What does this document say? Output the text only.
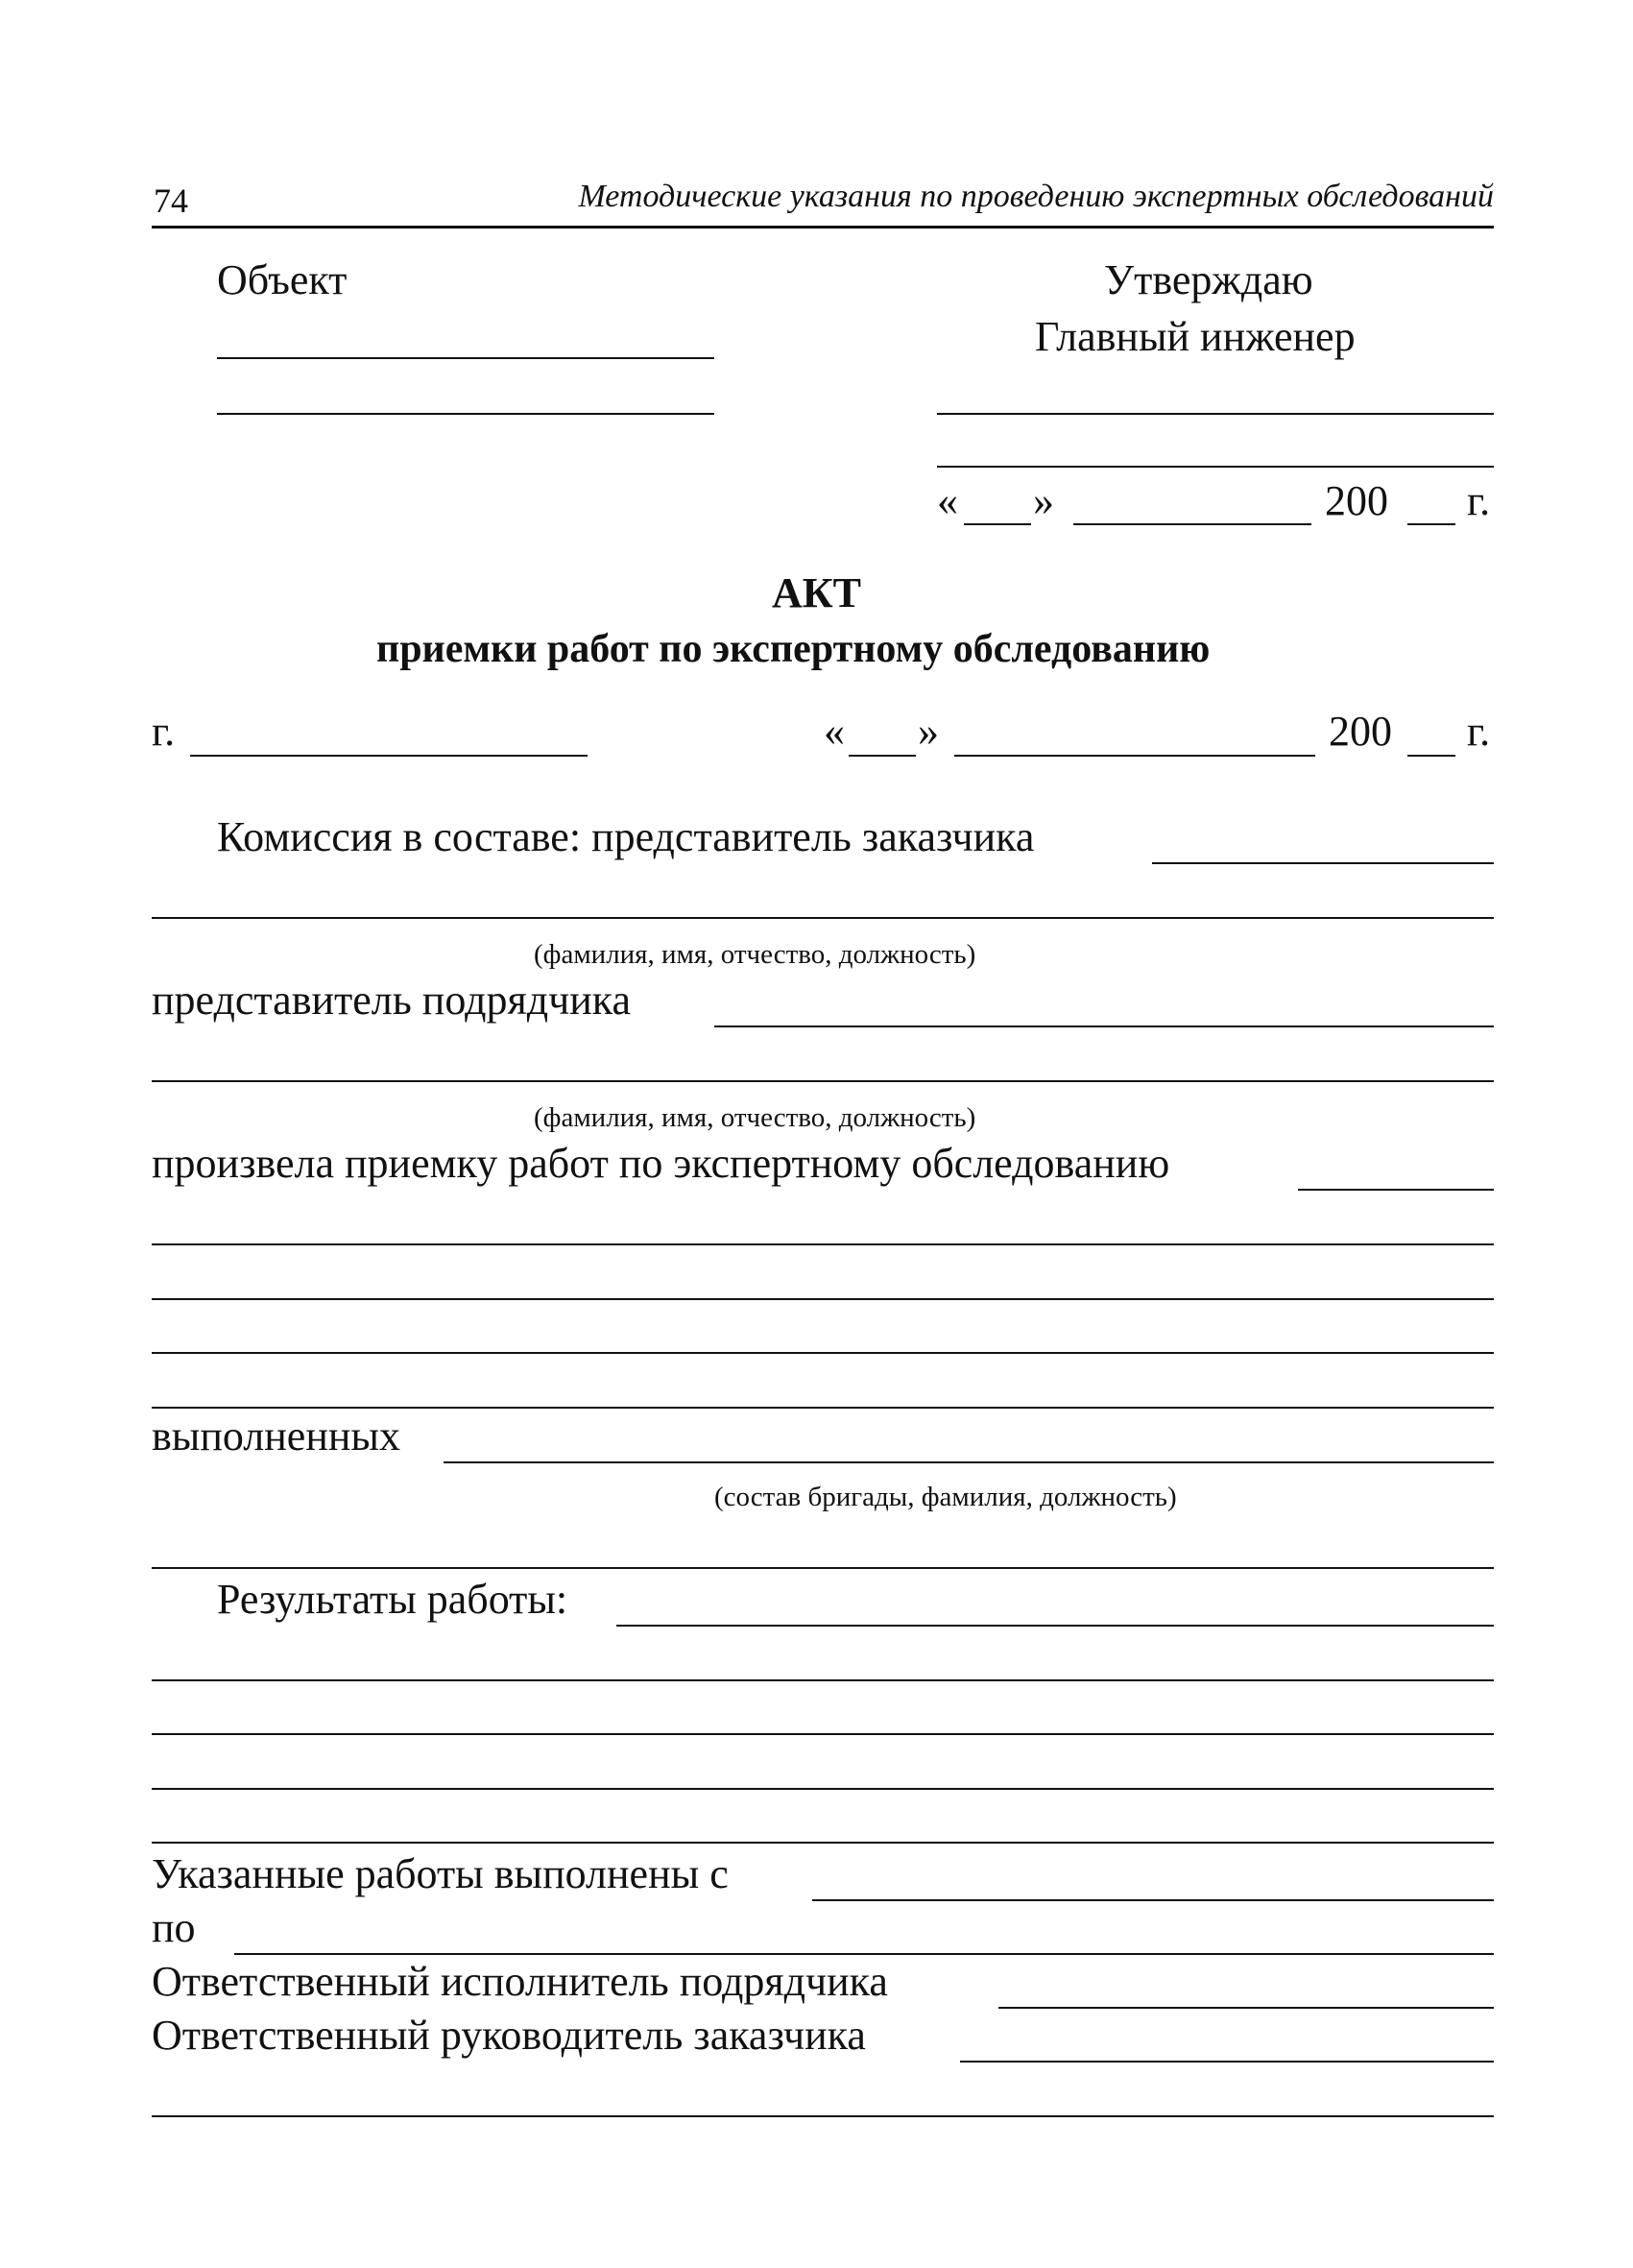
74	Методические указания по проведению экспертных обследований
Объект	Утверждаю
Главный инженер
« »	200 г.
АКТ
приемки работ по экспертному обследованию
г.	« »	200 г.
Комиссия в составе: представитель заказчика
(фамилия, имя, отчество, должность)
представитель подрядчика
(фамилия, имя, отчество, должность)
произвела приемку работ по экспертному обследованию
выполненных
(состав бригады, фамилия, должность)
Результаты работы:
Указанные работы выполнены с
по
Ответственный исполнитель подрядчика
Ответственный руководитель заказчика
